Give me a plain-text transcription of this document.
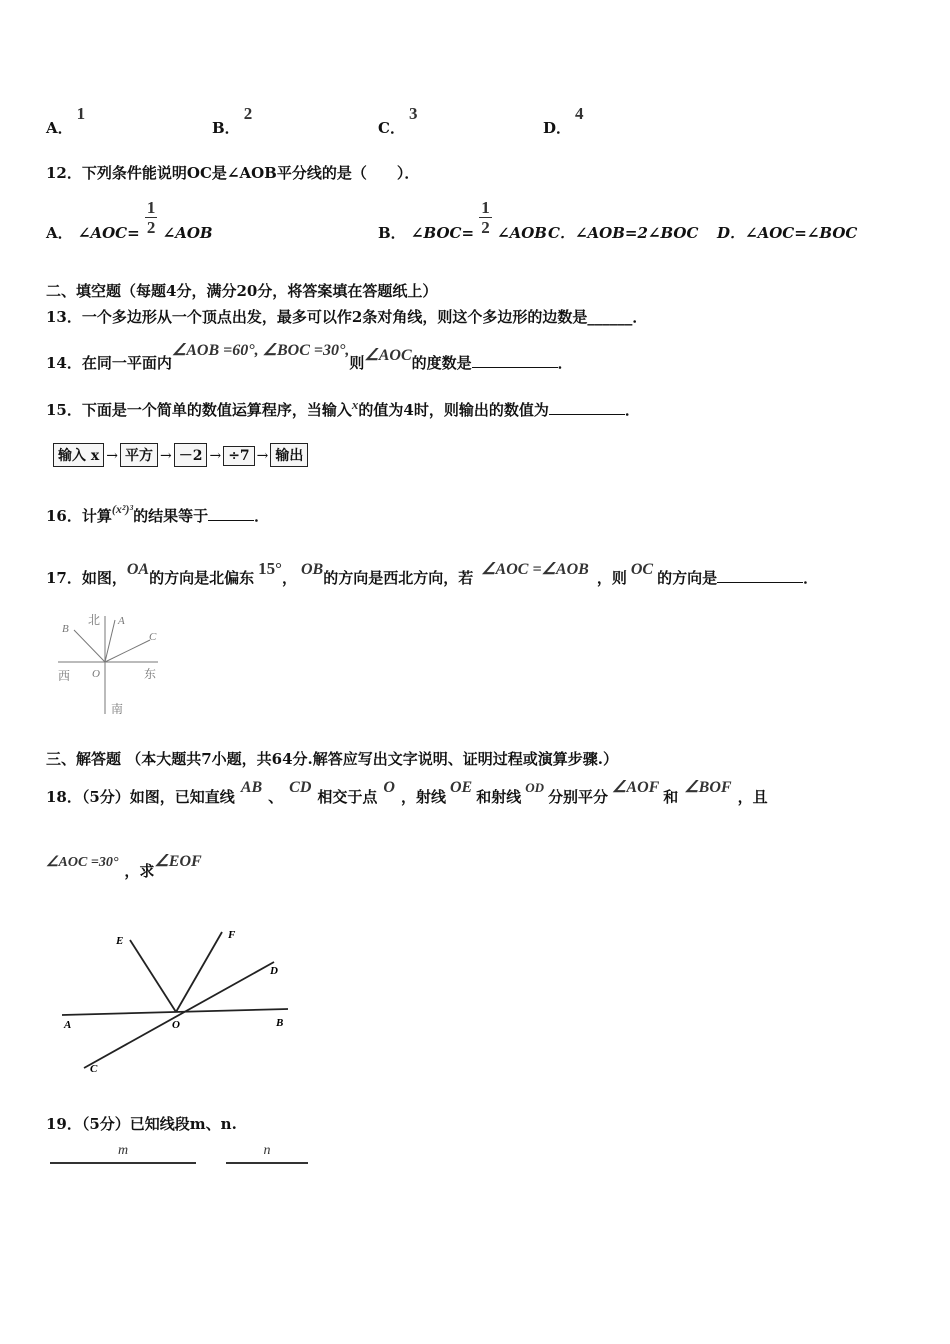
A．1
B．2
C．3
D．4
12．下列条件能说明OC是∠AOB平分线的是（　　）．
A． ∠AOC= $\frac{1}{2}$ ∠AOB	B． ∠BOC= $\frac{1}{2}$ ∠AOB C．∠AOB=2∠BOC D．∠AOC=∠BOC
二、填空题（每题4分，满分20分，将答案填在答题纸上）
13．一个多边形从一个顶点出发，最多可以作2条对角线，则这个多边形的边数是______．
14．在同一平面内∠AOB =60°, ∠BOC =30°,则∠AOC的度数是	．
15．下面是一个简单的数值运算程序，当输入x的值为4时，则输出的数值为	．
输入 x → 平方 → －2 → ÷7 → 输出
16．计算$^{(x^2)^3}$的结果等于	．
17．如图，OA的方向是北偏东 15°， OB的方向是西北方向，若 ∠AOC =∠AOB ，则 OC 的方向是	．
北 A
B
C
西 O	东
南
三、解答题 （本大题共7小题，共64分.解答应写出文字说明、证明过程或演算步骤.）
18．（5分）如图，已知直线AB、CD相交于点O，射线OE和射线OD分别平分∠AOF和∠BOF，且
∠AOC =30° ，求∠EOF
E	F
D
A	O	B
C
19．（5分）已知线段m、n.
m	n
